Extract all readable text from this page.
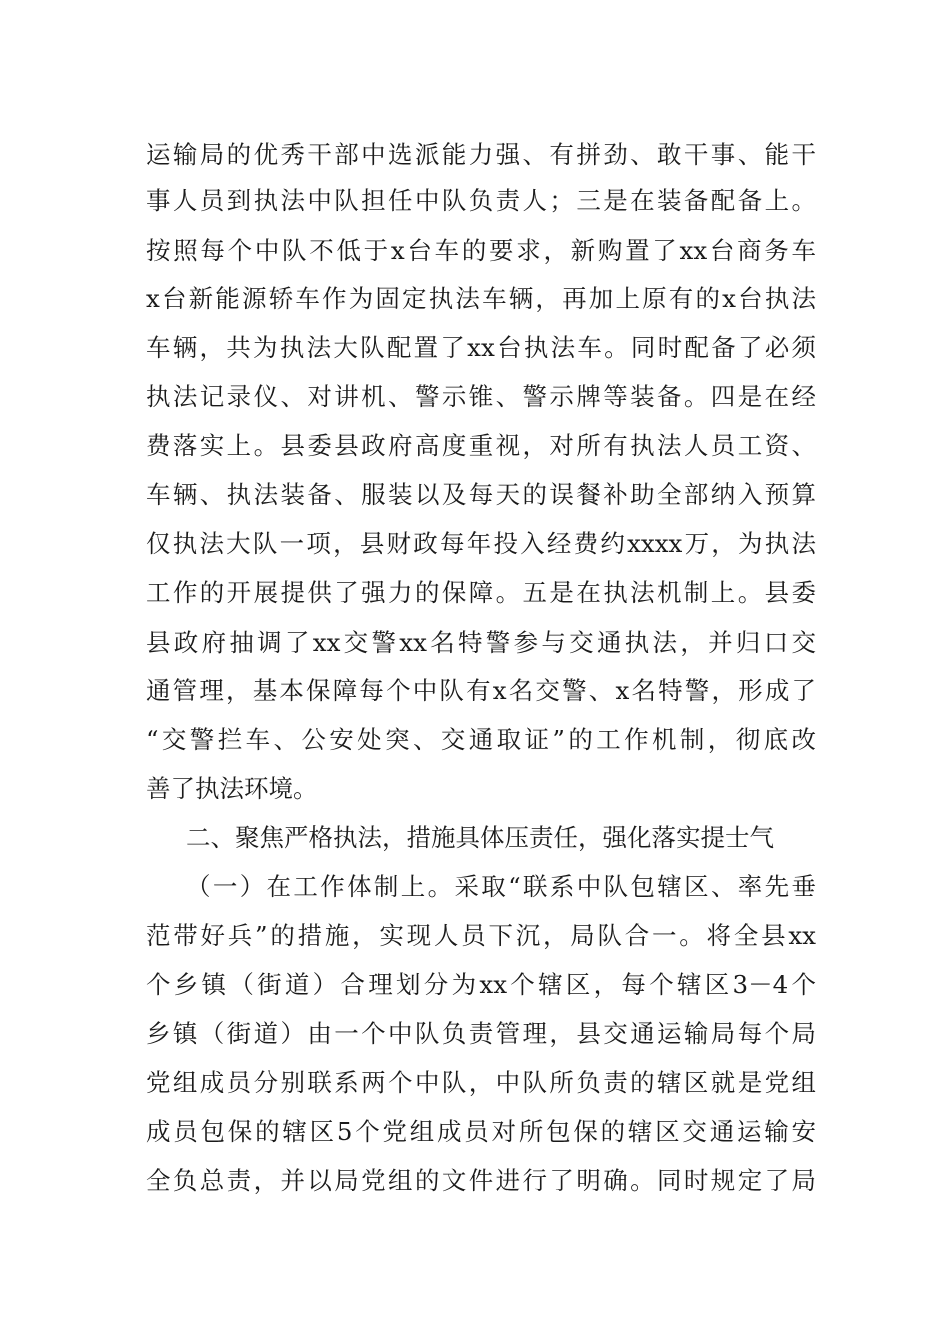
运输局的优秀干部中选派能力强、有拼劲、敢干事、能干
事人员到执法中队担任中队负责人；三是在装备配备上。
按照每个中队不低于x台车的要求，新购置了xx台商务车
x台新能源轿车作为固定执法车辆，再加上原有的x台执法
车辆，共为执法大队配置了xx台执法车。同时配备了必须
执法记录仪、对讲机、警示锥、警示牌等装备。四是在经
费落实上。县委县政府高度重视，对所有执法人员工资、
车辆、执法装备、服装以及每天的误餐补助全部纳入预算
仅执法大队一项，县财政每年投入经费约xxxx万，为执法
工作的开展提供了强力的保障。五是在执法机制上。县委
县政府抽调了xx交警xx名特警参与交通执法，并归口交
通管理，基本保障每个中队有x名交警、x名特警，形成了
“交警拦车、公安处突、交通取证”的工作机制，彻底改
善了执法环境。
二、聚焦严格执法，措施具体压责任，强化落实提士气
（一）在工作体制上。采取“联系中队包辖区、率先垂
范带好兵”的措施，实现人员下沉，局队合一。将全县xx
个乡镇（街道）合理划分为xx个辖区，每个辖区3－4个
乡镇（街道）由一个中队负责管理，县交通运输局每个局
党组成员分别联系两个中队，中队所负责的辖区就是党组
成员包保的辖区5个党组成员对所包保的辖区交通运输安
全负总责，并以局党组的文件进行了明确。同时规定了局
